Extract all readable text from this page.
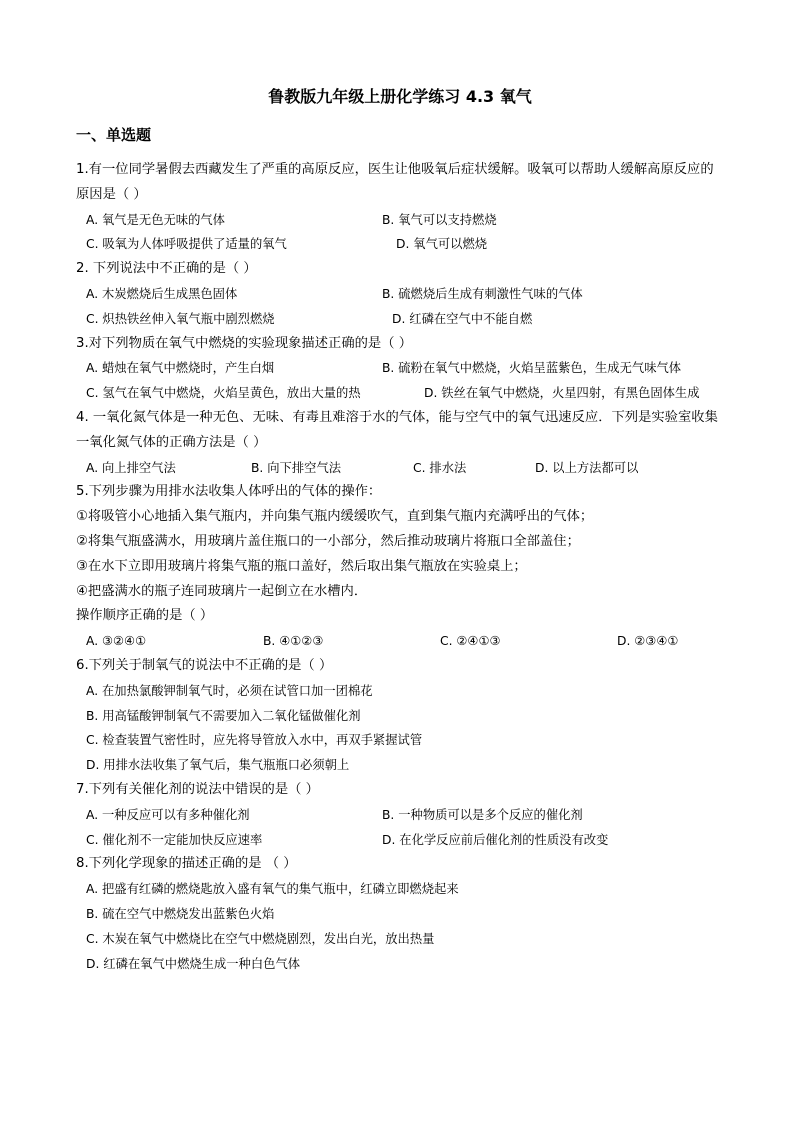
鲁教版九年级上册化学练习 4.3 氧气
一、单选题

1.有一位同学暑假去西藏发生了严重的高原反应，医生让他吸氧后症状缓解。吸氧可以帮助人缓解高原反应的原因是（ ）

A. 氧气是无色无味的气体	B. 氧气可以支持燃烧
C. 吸氧为人体呼吸提供了适量的氧气	D. 氧气可以燃烧

2. 下列说法中不正确的是（ ）

A. 木炭燃烧后生成黑色固体	B. 硫燃烧后生成有刺激性气味的气体
C. 炽热铁丝伸入氧气瓶中剧烈燃烧	D. 红磷在空气中不能自燃

3.对下列物质在氧气中燃烧的实验现象描述正确的是（ ）

A. 蜡烛在氧气中燃烧时，产生白烟	B. 硫粉在氧气中燃烧，火焰呈蓝紫色，生成无气味气体
C. 氢气在氧气中燃烧，火焰呈黄色，放出大量的热	D. 铁丝在氧气中燃烧，火星四射，有黑色固体生成

4. 一氧化氮气体是一种无色、无味、有毒且难溶于水的气体，能与空气中的氧气迅速反应．下列是实验室收集一氧化氮气体的正确方法是（ ）

A. 向上排空气法	B. 向下排空气法	C. 排水法	D. 以上方法都可以

5.下列步骤为用排水法收集人体呼出的气体的操作：

①将吸管小心地插入集气瓶内，并向集气瓶内缓缓吹气，直到集气瓶内充满呼出的气体；

②将集气瓶盛满水，用玻璃片盖住瓶口的一小部分，然后推动玻璃片将瓶口全部盖住；

③在水下立即用玻璃片将集气瓶的瓶口盖好，然后取出集气瓶放在实验桌上；

④把盛满水的瓶子连同玻璃片一起倒立在水槽内．

操作顺序正确的是（ ）

A. ③②④①	B. ④①②③	C. ②④①③	D. ②③④①

6.下列关于制氧气的说法中不正确的是（ ）

A. 在加热氯酸钾制氧气时，必须在试管口加一团棉花
B. 用高锰酸钾制氧气不需要加入二氧化锰做催化剂
C. 检查装置气密性时，应先将导管放入水中，再双手紧握试管
D. 用排水法收集了氧气后，集气瓶瓶口必须朝上

7.下列有关催化剂的说法中错误的是（ ）

A. 一种反应可以有多种催化剂	B. 一种物质可以是多个反应的催化剂
C. 催化剂不一定能加快反应速率	D. 在化学反应前后催化剂的性质没有改变

8.下列化学现象的描述正确的是 （ ）

A. 把盛有红磷的燃烧匙放入盛有氧气的集气瓶中，红磷立即燃烧起来
B. 硫在空气中燃烧发出蓝紫色火焰
C. 木炭在氧气中燃烧比在空气中燃烧剧烈，发出白光，放出热量
D. 红磷在氧气中燃烧生成一种白色气体
